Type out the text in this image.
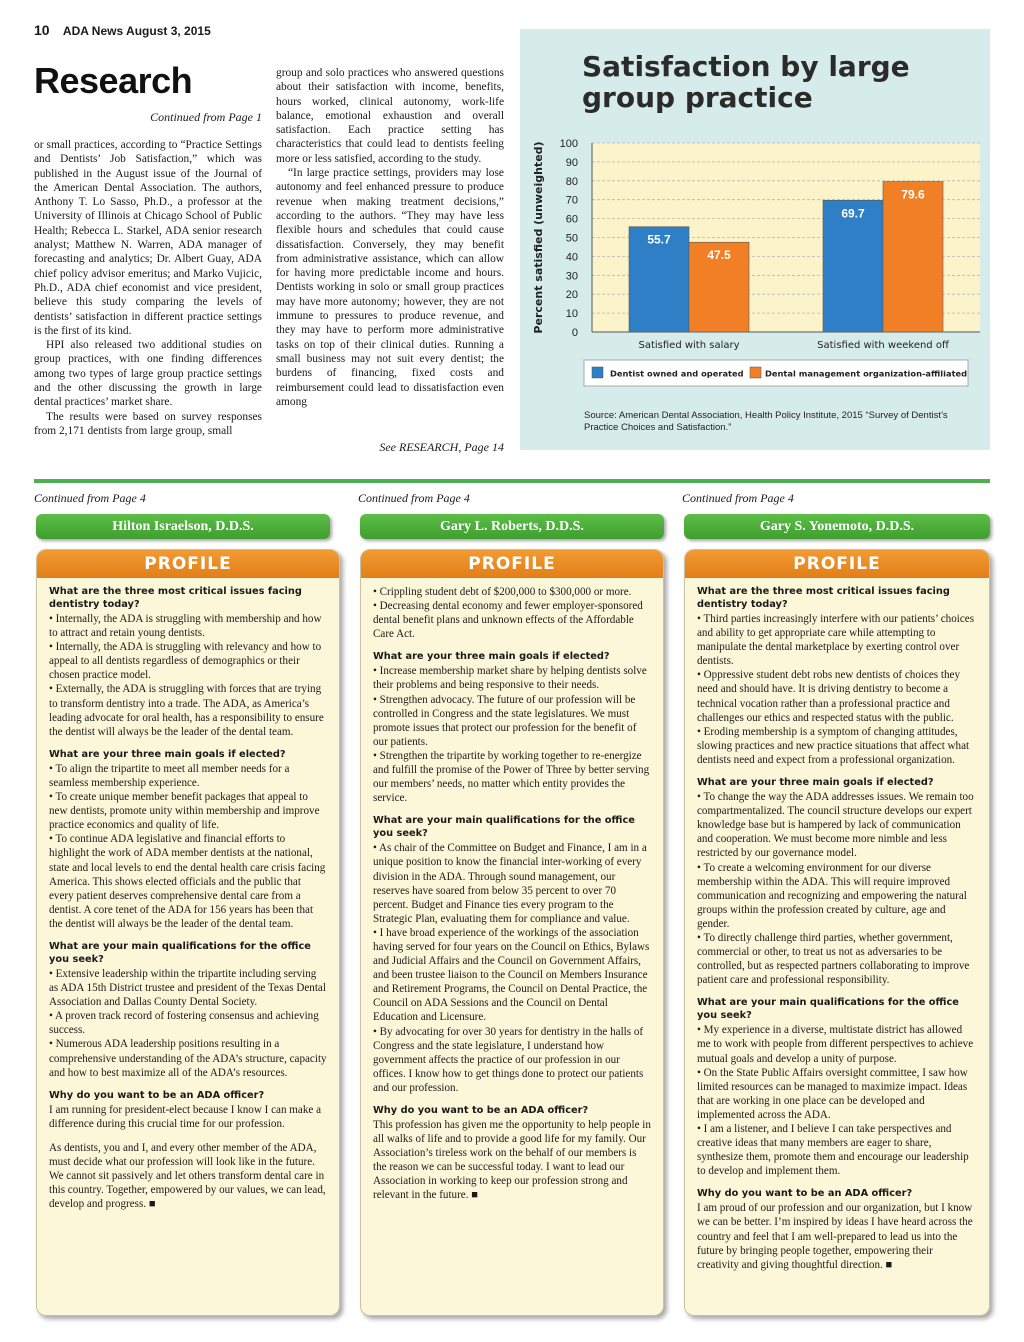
10 ADA News August 3, 2015
Research
Continued from Page 1

or small practices, according to “Practice Settings and Dentists’ Job Satisfaction,” which was published in the August issue of the Journal of the American Dental Association. The authors, Anthony T. Lo Sasso, Ph.D., a professor at the University of Illinois at Chicago School of Public Health; Rebecca L. Starkel, ADA senior research analyst; Matthew N. Warren, ADA manager of forecasting and analytics; Dr. Albert Guay, ADA chief policy advisor emeritus; and Marko Vujicic, Ph.D., ADA chief economist and vice president, believe this study comparing the levels of dentists’ satisfaction in different practice settings is the first of its kind.

HPI also released two additional studies on group practices, with one finding differences among two types of large group practice settings and the other discussing the growth in large dental practices’ market share.

The results were based on survey responses from 2,171 dentists from large group, small

group and solo practices who answered questions about their satisfaction with income, benefits, hours worked, clinical autonomy, work-life balance, emotional exhaustion and overall satisfaction. Each practice setting has characteristics that could lead to dentists feeling more or less satisfied, according to the study.

“In large practice settings, providers may lose autonomy and feel enhanced pressure to produce revenue when making treatment decisions,” according to the authors. “They may have less flexible hours and schedules that could cause dissatisfaction. Conversely, they may benefit from administrative assistance, which can allow for having more predictable income and hours. Dentists working in solo or small group practices may have more autonomy; however, they are not immune to pressures to produce revenue, and they may have to perform more administrative tasks on top of their clinical duties. Running a small business may not suit every dentist; the burdens of financing, fixed costs and reimbursement could lead to dissatisfaction even among

See RESEARCH, Page 14
Satisfaction by large group practice
0
10
20
30
40
50
60
70
80
90
100
Percent satisfied (unweighted)	55.7
47.5
Satisfied with salary
69.7
79.6
Satisfied with weekend off
Dentist owned and operated	Dental management organization-affiliated
Source: American Dental Association, Health Policy Institute, 2015 “Survey of Dentist’s Practice Choices and Satisfaction.”
Continued from Page 4	Continued from Page 4	Continued from Page 4
Hilton Israelson, D.D.S.	Gary L. Roberts, D.D.S.	Gary S. Yonemoto, D.D.S.
PROFILE
What are the three most critical issues facing dentistry today?

• Internally, the ADA is struggling with membership and how to attract and retain young dentists.

• Internally, the ADA is struggling with relevancy and how to appeal to all dentists regardless of demographics or their chosen practice model.

• Externally, the ADA is struggling with forces that are trying to transform dentistry into a trade. The ADA, as America’s leading advocate for oral health, has a responsibility to ensure the dentist will always be the leader of the dental team.

What are your three main goals if elected?

• To align the tripartite to meet all member needs for a seamless membership experience.

• To create unique member benefit packages that appeal to new dentists, promote unity within membership and improve practice economics and quality of life.

• To continue ADA legislative and financial efforts to highlight the work of ADA member dentists at the national, state and local levels to end the dental health care crisis facing America. This shows elected officials and the public that every patient deserves comprehensive dental care from a dentist. A core tenet of the ADA for 156 years has been that the dentist will always be the leader of the dental team.

What are your main qualifications for the office you seek?

• Extensive leadership within the tripartite including serving as ADA 15th District trustee and president of the Texas Dental Association and Dallas County Dental Society.

• A proven track record of fostering consensus and achieving success.

• Numerous ADA leadership positions resulting in a comprehensive understanding of the ADA’s structure, capacity and how to best maximize all of the ADA’s resources.

Why do you want to be an ADA officer?

I am running for president-elect because I know I can make a difference during this crucial time for our profession.

As dentists, you and I, and every other member of the ADA, must decide what our profession will look like in the future. We cannot sit passively and let others transform dental care in this country. Together, empowered by our values, we can lead, develop and progress. ■

PROFILE

• Crippling student debt of $200,000 to $300,000 or more.

• Decreasing dental economy and fewer employer-sponsored dental benefit plans and unknown effects of the Affordable Care Act.

What are your three main goals if elected?

• Increase membership market share by helping dentists solve their problems and being responsive to their needs.

• Strengthen advocacy. The future of our profession will be controlled in Congress and the state legislatures. We must promote issues that protect our profession for the benefit of our patients.

• Strengthen the tripartite by working together to re-energize and fulfill the promise of the Power of Three by better serving our members’ needs, no matter which entity provides the service.

What are your main qualifications for the office you seek?

• As chair of the Committee on Budget and Finance, I am in a unique position to know the financial inter-working of every division in the ADA. Through sound management, our reserves have soared from below 35 percent to over 70 percent. Budget and Finance ties every program to the Strategic Plan, evaluating them for compliance and value.

• I have broad experience of the workings of the association having served for four years on the Council on Ethics, Bylaws and Judicial Affairs and the Council on Government Affairs, and been trustee liaison to the Council on Members Insurance and Retirement Programs, the Council on Dental Practice, the Council on ADA Sessions and the Council on Dental Education and Licensure.

• By advocating for over 30 years for dentistry in the halls of Congress and the state legislature, I understand how government affects the practice of our profession in our offices. I know how to get things done to protect our patients and our profession.

Why do you want to be an ADA officer?

This profession has given me the opportunity to help people in all walks of life and to provide a good life for my family. Our Association’s tireless work on the behalf of our members is the reason we can be successful today. I want to lead our Association in working to keep our profession strong and relevant in the future. ■

PROFILE
What are the three most critical issues facing dentistry today?

• Third parties increasingly interfere with our patients’ choices and ability to get appropriate care while attempting to manipulate the dental marketplace by exerting control over dentists.

• Oppressive student debt robs new dentists of choices they need and should have. It is driving dentistry to become a technical vocation rather than a professional practice and challenges our ethics and respected status with the public.

• Eroding membership is a symptom of changing attitudes, slowing practices and new practice situations that affect what dentists need and expect from a professional organization.

What are your three main goals if elected?

• To change the way the ADA addresses issues. We remain too compartmentalized. The council structure develops our expert knowledge base but is hampered by lack of communication and cooperation. We must become more nimble and less restricted by our governance model.

• To create a welcoming environment for our diverse membership within the ADA. This will require improved communication and recognizing and empowering the natural groups within the profession created by culture, age and gender.

• To directly challenge third parties, whether government, commercial or other, to treat us not as adversaries to be controlled, but as respected partners collaborating to improve patient care and professional responsibility.

What are your main qualifications for the office you seek?

• My experience in a diverse, multistate district has allowed me to work with people from different perspectives to achieve mutual goals and develop a unity of purpose.

• On the State Public Affairs oversight committee, I saw how limited resources can be managed to maximize impact. Ideas that are working in one place can be developed and implemented across the ADA.

• I am a listener, and I believe I can take perspectives and creative ideas that many members are eager to share, synthesize them, promote them and encourage our leadership to develop and implement them.

Why do you want to be an ADA officer?

I am proud of our profession and our organization, but I know we can be better. I’m inspired by ideas I have heard across the country and feel that I am well-prepared to lead us into the future by bringing people together, empowering their creativity and giving thoughtful direction. ■
